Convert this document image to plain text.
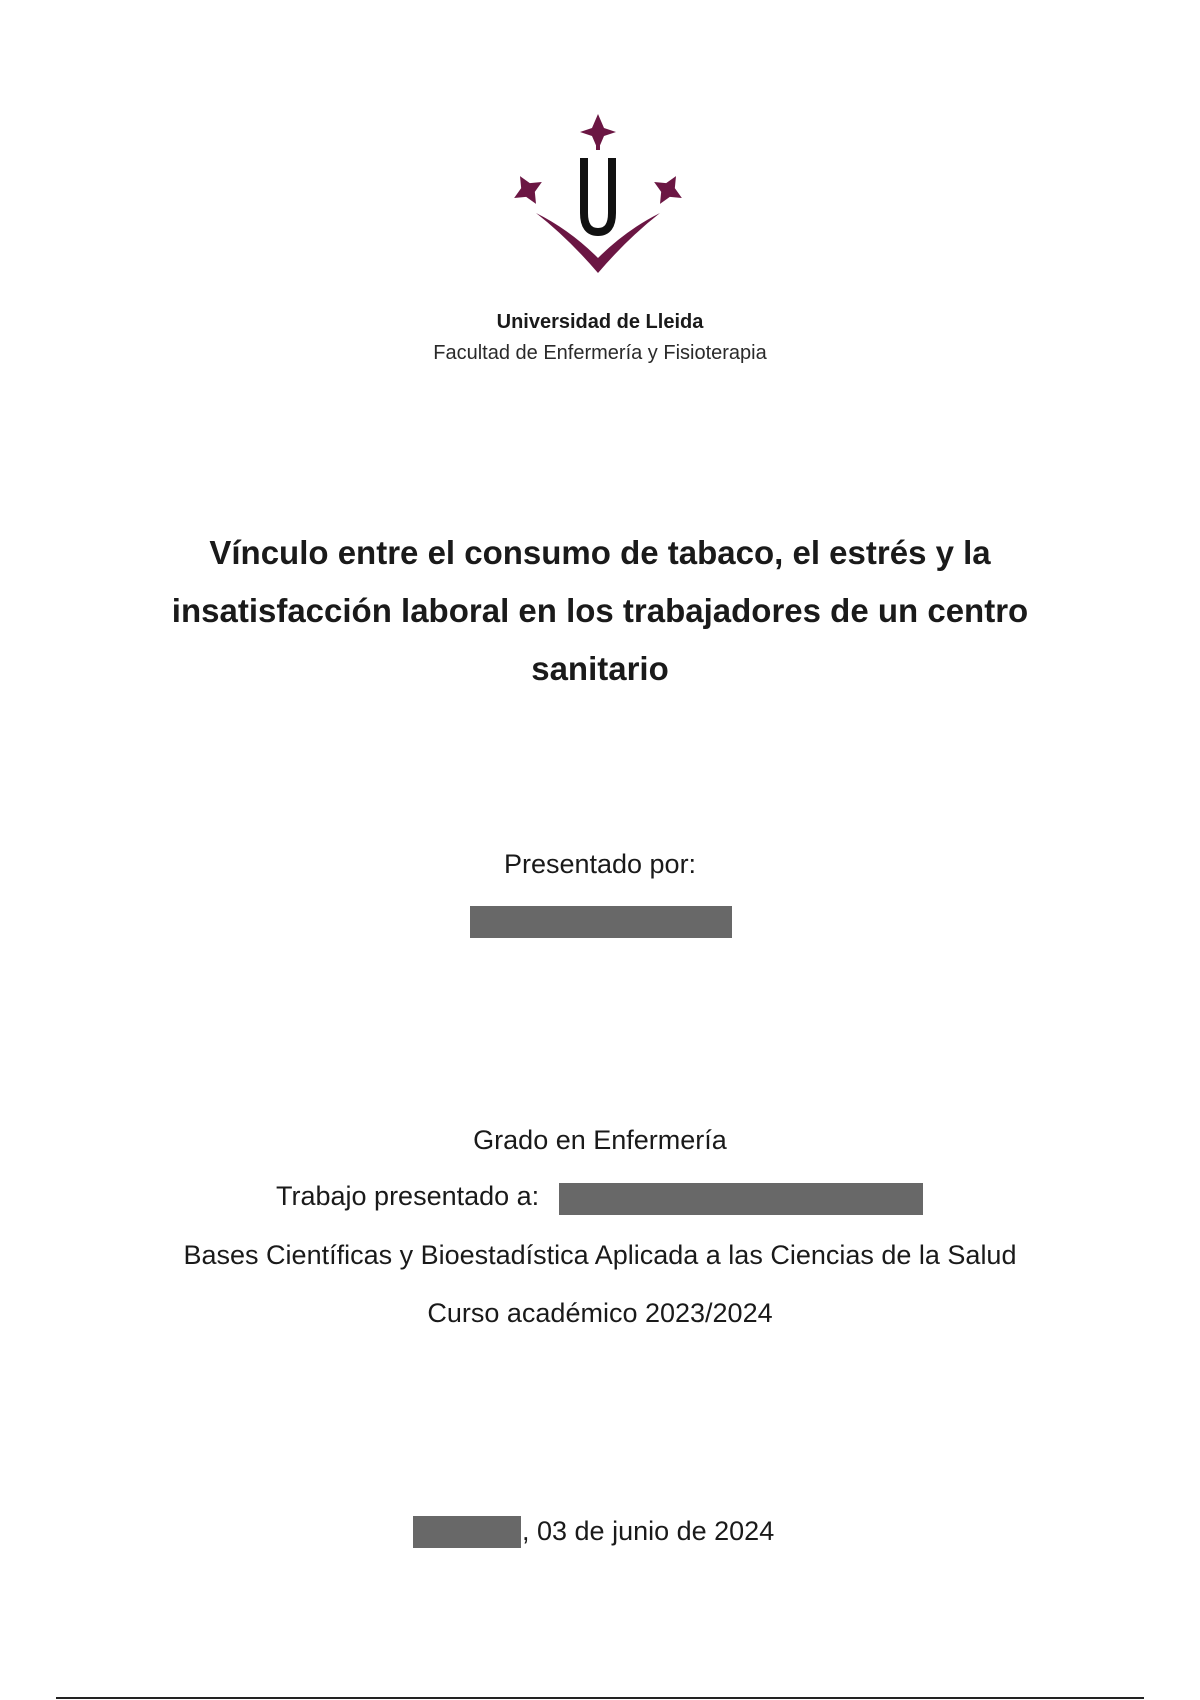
Universidad de Lleida
Facultad de Enfermería y Fisioterapia
Vínculo entre el consumo de tabaco, el estrés y la insatisfacción laboral en los trabajadores de un centro sanitario
Presentado por:
Grado en Enfermería
Trabajo presentado a:
Bases Científicas y Bioestadística Aplicada a las Ciencias de la Salud
Curso académico 2023/2024
, 03 de junio de 2024
